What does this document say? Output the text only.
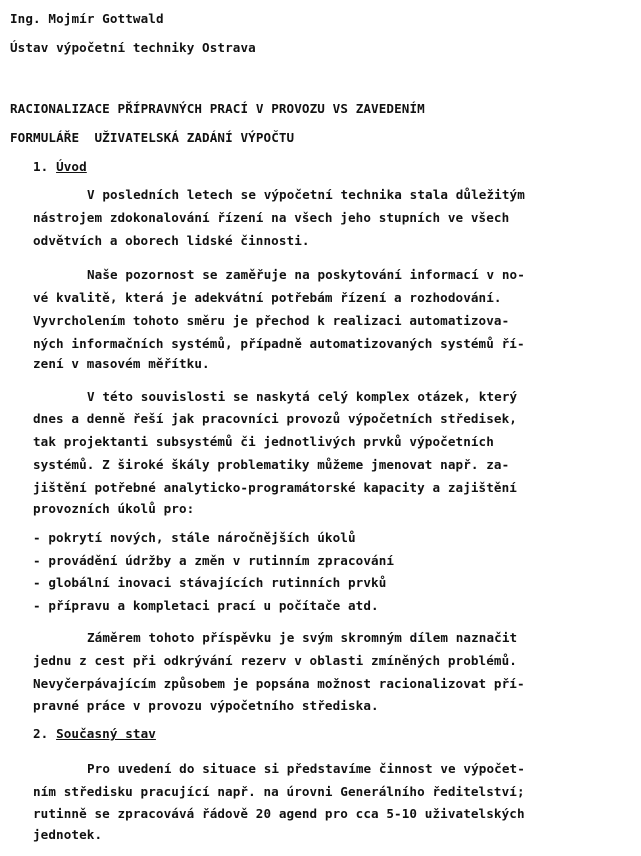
Ing. Mojmír Gottwald
Ústav výpočetní techniky Ostrava
RACIONALIZACE PŘÍPRAVNÝCH PRACÍ V PROVOZU VS ZAVEDENÍM
FORMULÁŘE  UŽIVATELSKÁ ZADÁNÍ VÝPOČTU
1. Úvod
V posledních letech se výpočetní technika stala důležitým
nástrojem zdokonalování řízení na všech jeho stupních ve všech
odvětvích a oborech lidské činnosti.
Naše pozornost se zaměřuje na poskytování informací v no-
vé kvalitě, která je adekvátní potřebám řízení a rozhodování.
Vyvrcholením tohoto směru je přechod k realizaci automatizova-
ných informačních systémů, případně automatizovaných systémů ří-
zení v masovém měřítku.
V této souvislosti se naskytá celý komplex otázek, který
dnes a denně řeší jak pracovníci provozů výpočetních středisek,
tak projektanti subsystémů či jednotlivých prvků výpočetních
systémů. Z široké škály problematiky můžeme jmenovat např. za-
jištění potřebné analyticko-programátorské kapacity a zajištění
provozních úkolů pro:
- pokrytí nových, stále náročnějších úkolů
- provádění údržby a změn v rutinním zpracování
- globální inovaci stávajících rutinních prvků
- přípravu a kompletaci prací u počítače atd.
Záměrem tohoto příspěvku je svým skromným dílem naznačit
jednu z cest při odkrývání rezerv v oblasti zmíněných problémů.
Nevyčerpávajícím způsobem je popsána možnost racionalizovat pří-
pravné práce v provozu výpočetního střediska.
2. Současný stav
Pro uvedení do situace si představíme činnost ve výpočet-
ním středisku pracující např. na úrovni Generálního ředitelství;
rutinně se zpracovává řádově 20 agend pro cca 5-10 uživatelských
jednotek.
